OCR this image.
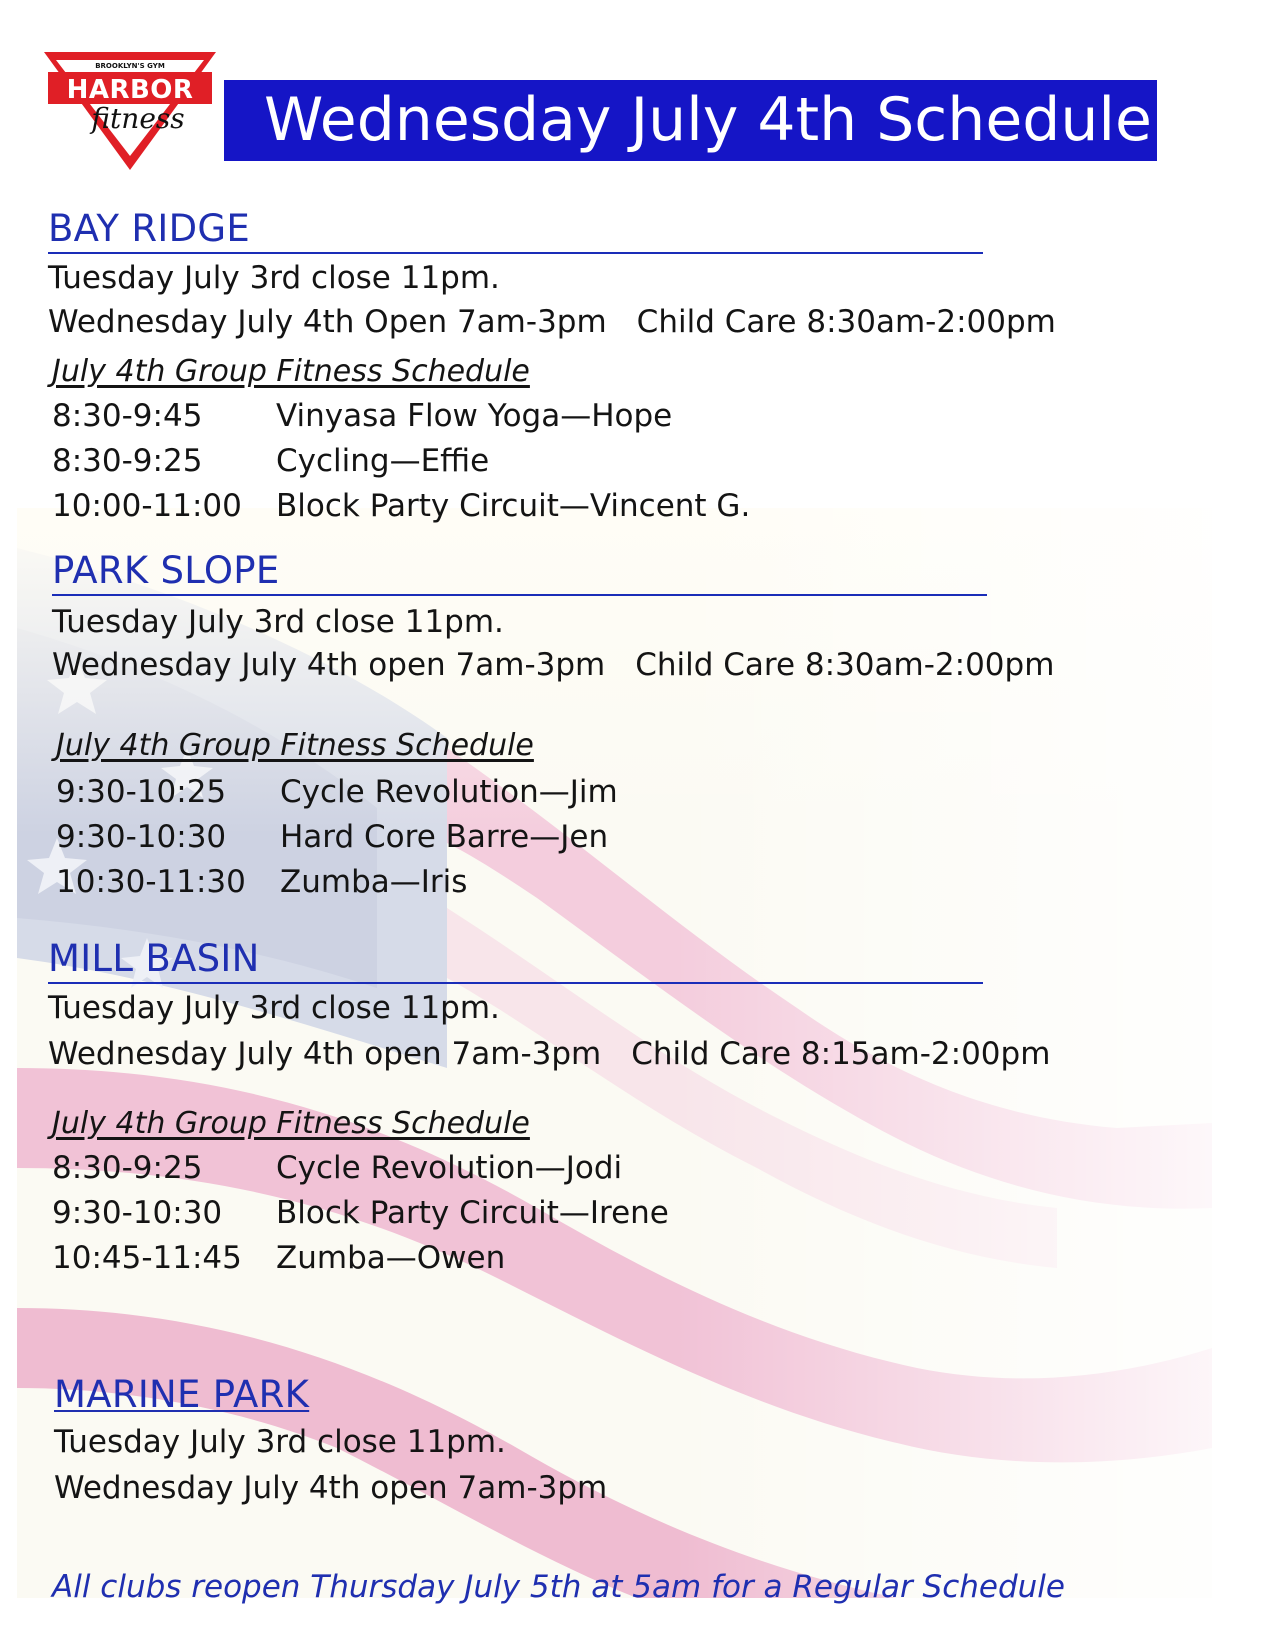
BROOKLYN'S GYM
HARBOR
fitness Wednesday July 4th Schedule
BAY RIDGE
Tuesday July 3rd close 11pm.
Wednesday July 4th Open 7am-3pm Child Care 8:30am-2:00pm
July 4th Group Fitness Schedule
8:30-9:45 Vinyasa Flow Yoga—Hope
8:30-9:25 Cycling—Effie
10:00-11:00 Block Party Circuit—Vincent G.
PARK SLOPE
Tuesday July 3rd close 11pm.
Wednesday July 4th open 7am-3pm Child Care 8:30am-2:00pm
July 4th Group Fitness Schedule
9:30-10:25 Cycle Revolution—Jim
9:30-10:30 Hard Core Barre—Jen
10:30-11:30 Zumba—Iris
MILL BASIN
Tuesday July 3rd close 11pm.
Wednesday July 4th open 7am-3pm Child Care 8:15am-2:00pm
July 4th Group Fitness Schedule
8:30-9:25 Cycle Revolution—Jodi
9:30-10:30 Block Party Circuit—Irene
10:45-11:45 Zumba—Owen
MARINE PARK
Tuesday July 3rd close 11pm.
Wednesday July 4th open 7am-3pm
All clubs reopen Thursday July 5th at 5am for a Regular Schedule
